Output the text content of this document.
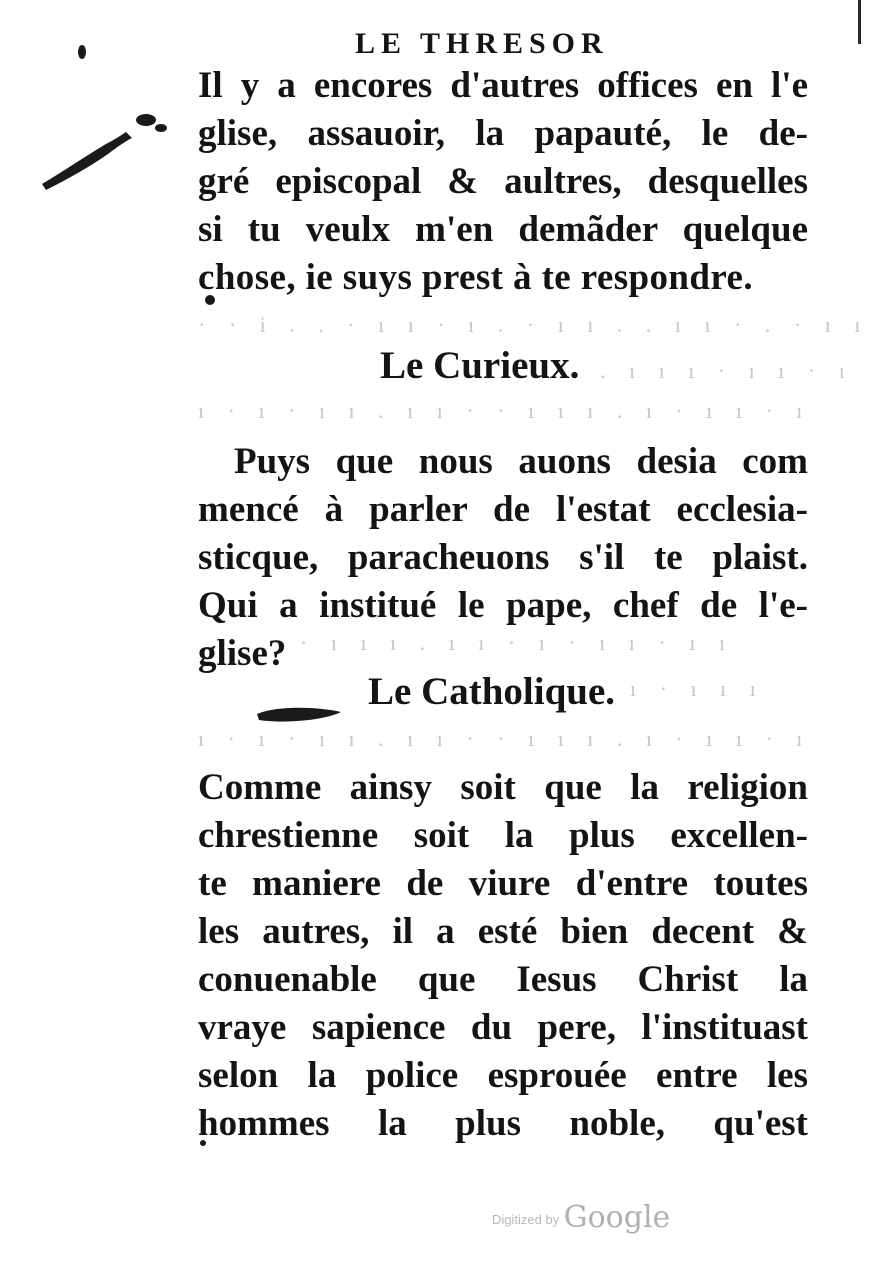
LE THRESOR
Il y a encores d'autres offices en l'e
glise, assauoir, la papauté, le de-
gré episcopal & aultres, desquelles
si tu veulx m'en demãder quelque
chose, ie suys prest à te respondre.
· · i . . · ı ı · ı . · ı ı . . ı ı · . · ı ı
. ı ı ı · ı ı · ı
ı · ı · ı ı . ı ı · · ı ı ı . ı · ı ı · ı
Le Curieux.
Puys que nous auons desia com
mencé à parler de l'estat ecclesia-
sticque, paracheuons s'il te plaist.
Qui a institué le pape, chef de l'e-
glise? · ı ı ı . ı ı · ı · ı ı · ı ı
ı · ı ı ı
ı · ı · ı ı . ı ı · · ı ı ı . ı · ı ı · ı
Le Catholique.
Comme ainsy soit que la religion
chrestienne soit la plus excellen-
te maniere de viure d'entre toutes
les autres, il a esté bien decent &
conuenable que Iesus Christ la
vraye sapience du pere, l'instituast
selon la police esprouée entre les
hommes la plus noble, qu'est
Digitized by Google
